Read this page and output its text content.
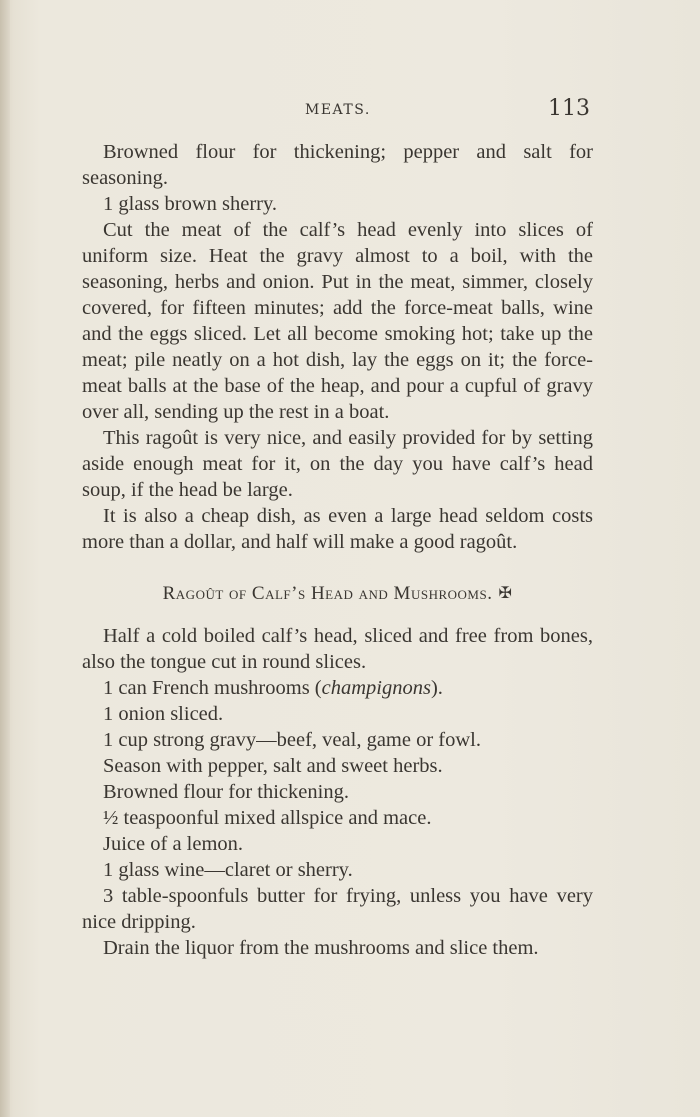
MEATS.	113

Browned flour for thickening; pepper and salt for seasoning.

1 glass brown sherry.

Cut the meat of the calf’s head evenly into slices of uniform size. Heat the gravy almost to a boil, with the seasoning, herbs and onion. Put in the meat, simmer, closely covered, for fifteen minutes; add the force-meat balls, wine and the eggs sliced. Let all become smoking hot; take up the meat; pile neatly on a hot dish, lay the eggs on it; the force-meat balls at the base of the heap, and pour a cupful of gravy over all, sending up the rest in a boat.

This ragoût is very nice, and easily provided for by setting aside enough meat for it, on the day you have calf’s head soup, if the head be large.

It is also a cheap dish, as even a large head seldom costs more than a dollar, and half will make a good ragoût.

Ragoût of Calf’s Head and Mushrooms. ✠

Half a cold boiled calf’s head, sliced and free from bones, also the tongue cut in round slices.

1 can French mushrooms (champignons).

1 onion sliced.

1 cup strong gravy—beef, veal, game or fowl.

Season with pepper, salt and sweet herbs.

Browned flour for thickening.

½ teaspoonful mixed allspice and mace.

Juice of a lemon.

1 glass wine—claret or sherry.

3 table-spoonfuls butter for frying, unless you have very nice dripping.

Drain the liquor from the mushrooms and slice them.
